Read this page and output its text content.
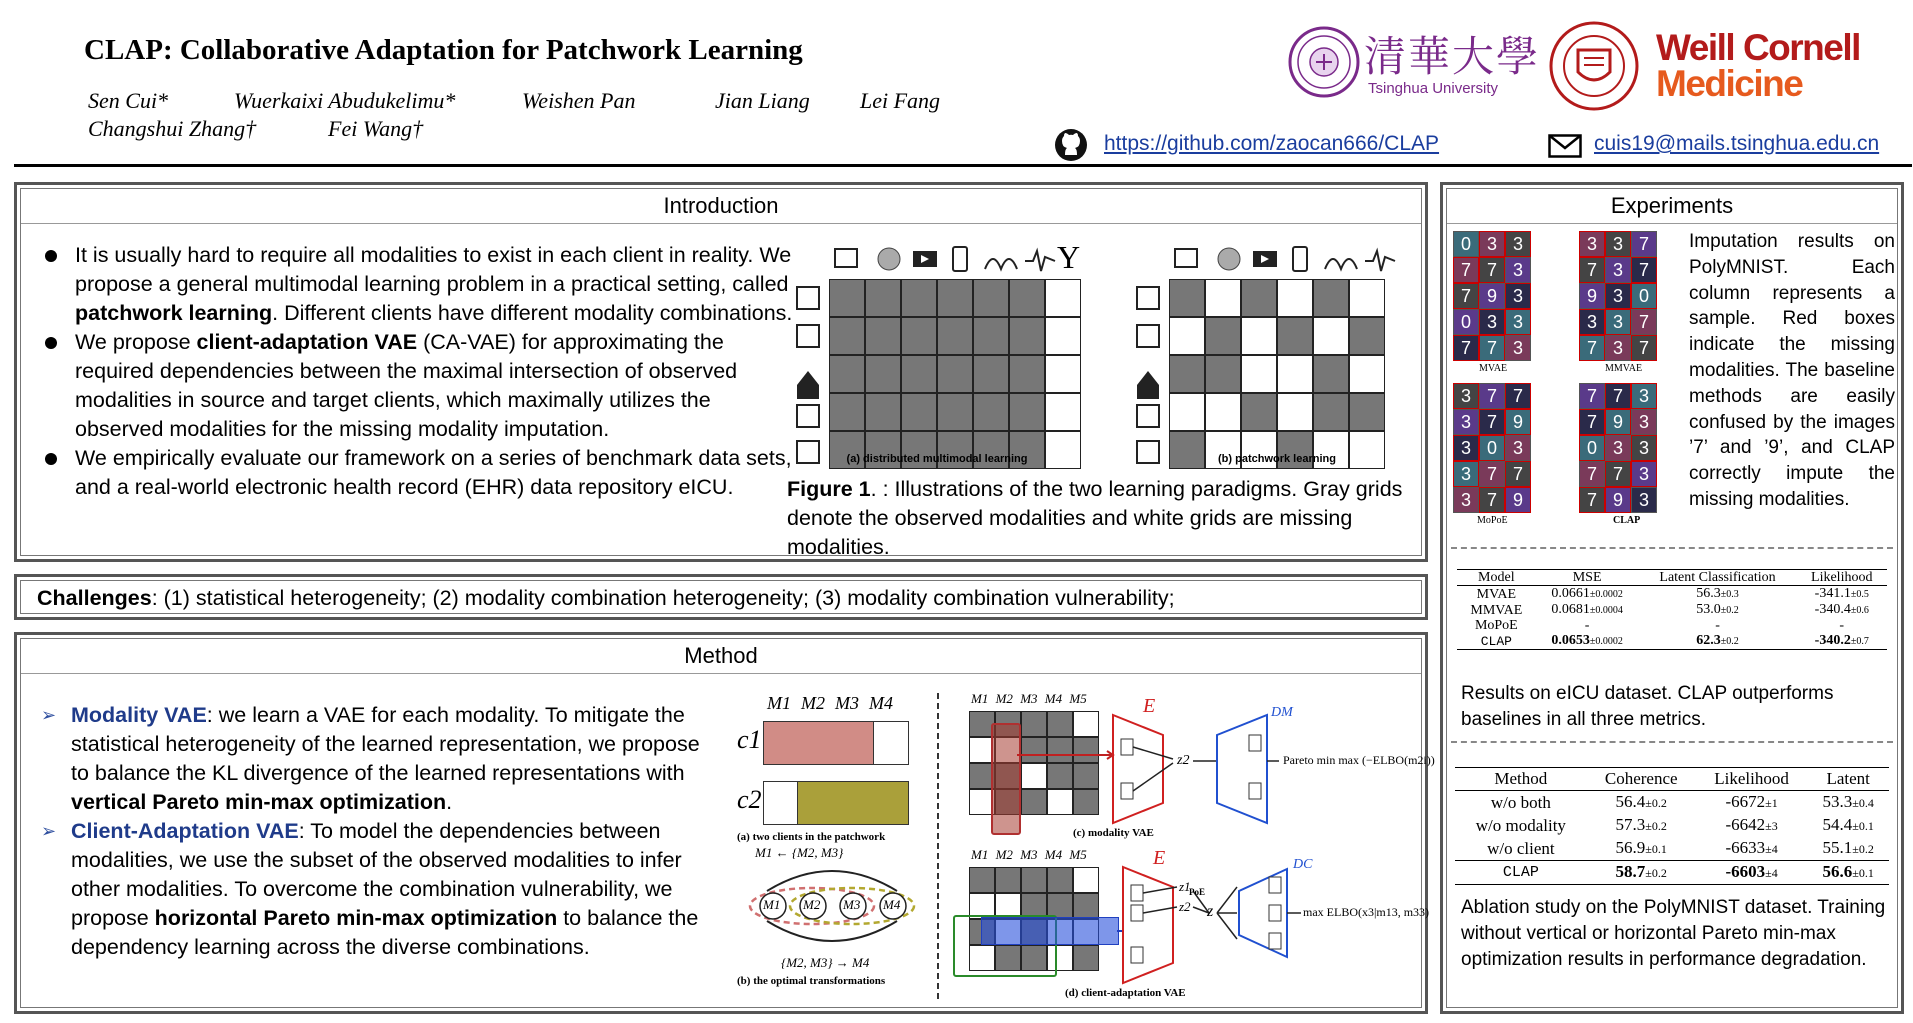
CLAP: Collaborative Adaptation for Patchwork Learning
Sen Cui*	Wuerkaixi Abudukelimu*	Weishen Pan	Jian Liang Lei Fang
Changshui Zhang†	Fei Wang†
清華大學
Tsinghua University
Weill Cornell
Medicine
https://github.com/zaocan666/CLAP	cuis19@mails.tsinghua.edu.cn
Introduction
It is usually hard to require all modalities to exist in each client in reality. We propose a general multimodal learning problem in a practical setting, called patchwork learning. Different clients have different modality combinations.
We propose client-adaptation VAE (CA-VAE) for approximating the required dependencies between the maximal intersection of observed modalities in source and target clients, which maximally utilizes the observed modalities for the missing modality imputation.
We empirically evaluate our framework on a series of benchmark data sets, and a real-world electronic health record (EHR) data repository eICU.
Y
(a) distributed multimodal learning	(b) patchwork learning
Figure 1. : Illustrations of the two learning paradigms. Gray grids denote the observed modalities and white grids are missing modalities.
Challenges: (1) statistical heterogeneity; (2) modality combination heterogeneity; (3) modality combination vulnerability;
Method
➢ Modality VAE: we learn a VAE for each modality. To mitigate the statistical heterogeneity of the learned representation, we propose to balance the KL divergence of the learned representations with vertical Pareto min-max optimization.
➢ Client-Adaptation VAE: To model the dependencies between modalities, we use the subset of the observed modalities to infer other modalities. To overcome the combination vulnerability, we propose horizontal Pareto min-max optimization to balance the dependency learning across the diverse combinations.
M1 M2 M3 M4
c1
c2
(a) two clients in the patchwork
M1 ← {M2, M3}
M1 M2 M3 M4
{M2, M3} → M4
(b) the optimal transformations
E
z2
DM
Pareto min max (−ELBO(m2i))
(c) modality VAE
M1 M2 M3 M4 M5
E
z1
z2
PoE
z
DC
max ELBO(x3|m13, m33)
(d) client-adaptation VAE
M1 M2 M3 M4 M5
Experiments
0 3 3
7 7 3
7 9 3
0 3 3
7 7 3
3 3 7
7 3 7
9 3 0
3 3 7
7 3 7
3 7 7
3 7 9
3 0 3
3 7 7
3 7 9
7 7 3
7 9 3
0 3 3
7 7 3
7 9 3
MVAE	MMVAE
MoPoE	CLAP
Imputation results on PolyMNIST. Each column represents a sample. Red boxes indicate the missing modalities. The baseline methods are easily confused by the images ’7’ and ’9’, and CLAP correctly impute the missing modalities.
Model	MSE	Latent Classification	Likelihood
MVAE	0.0661±0.0002	56.3±0.3	-341.1±0.5
MMVAE	0.0681±0.0004	53.0±0.2	-340.4±0.6
MoPoE	-	-	-
CLAP	0.0653±0.0002	62.3±0.2	-340.2±0.7
Results on eICU dataset. CLAP outperforms baselines in all three metrics.
Method	Coherence	Likelihood	Latent
w/o both	56.4±0.2	-6672±1	53.3±0.4
w/o modality	57.3±0.2	-6642±3	54.4±0.1
w/o client	56.9±0.1	-6633±4	55.1±0.2
CLAP	58.7±0.2	-6603±4	56.6±0.1
Ablation study on the PolyMNIST dataset. Training without vertical or horizontal Pareto min-max optimization results in performance degradation.
